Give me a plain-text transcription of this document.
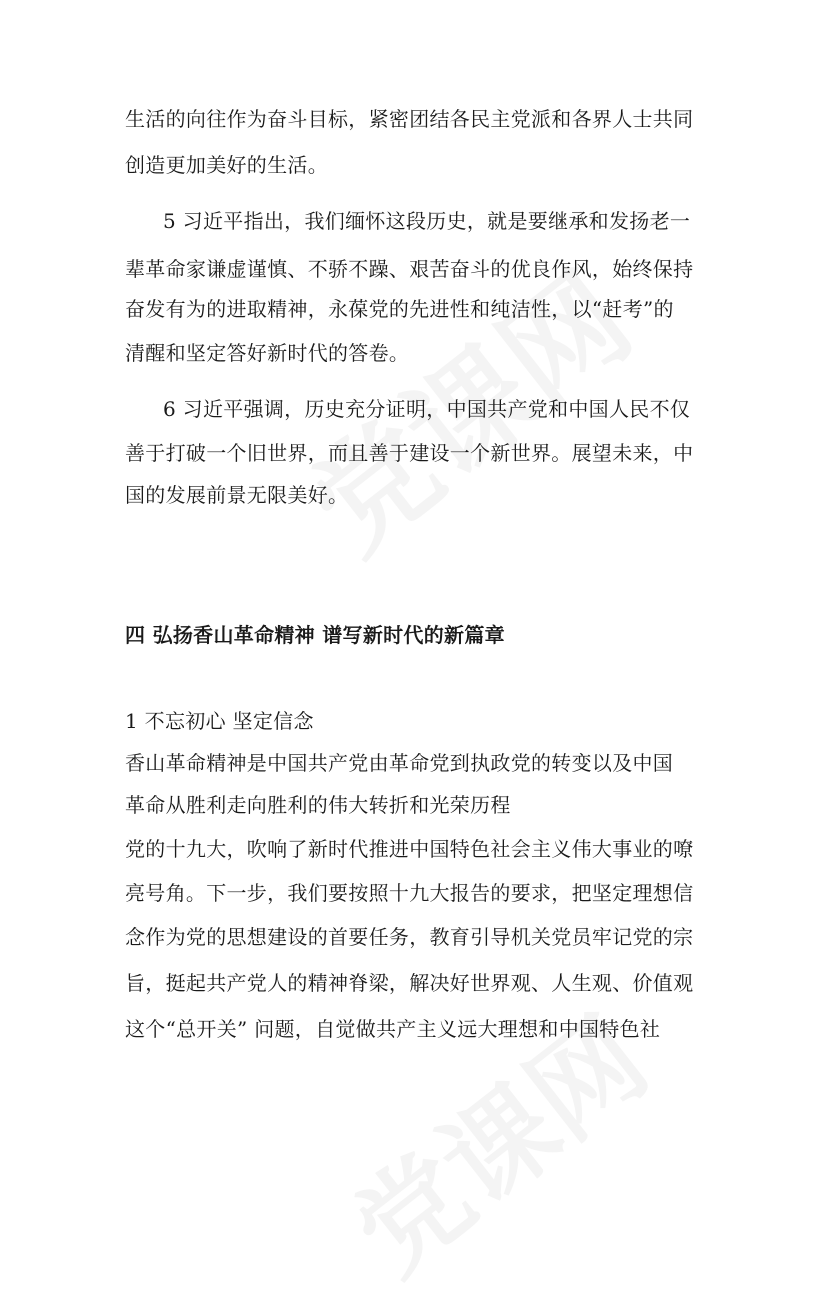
生活的向往作为奋斗目标，紧密团结各民主党派和各界人士共同
创造更加美好的生活。
5 习近平指出，我们缅怀这段历史，就是要继承和发扬老一
辈革命家谦虚谨慎、不骄不躁、艰苦奋斗的优良作风，始终保持
奋发有为的进取精神，永葆党的先进性和纯洁性，以“赶考”的
清醒和坚定答好新时代的答卷。
6 习近平强调，历史充分证明，中国共产党和中国人民不仅
善于打破一个旧世界，而且善于建设一个新世界。展望未来，中
国的发展前景无限美好。
四 弘扬香山革命精神 谱写新时代的新篇章
1 不忘初心 坚定信念
香山革命精神是中国共产党由革命党到执政党的转变以及中国
革命从胜利走向胜利的伟大转折和光荣历程
党的十九大，吹响了新时代推进中国特色社会主义伟大事业的嘹
亮号角。下一步，我们要按照十九大报告的要求，把坚定理想信
念作为党的思想建设的首要任务，教育引导机关党员牢记党的宗
旨，挺起共产党人的精神脊梁，解决好世界观、人生观、价值观
这个“总开关” 问题，自觉做共产主义远大理想和中国特色社
